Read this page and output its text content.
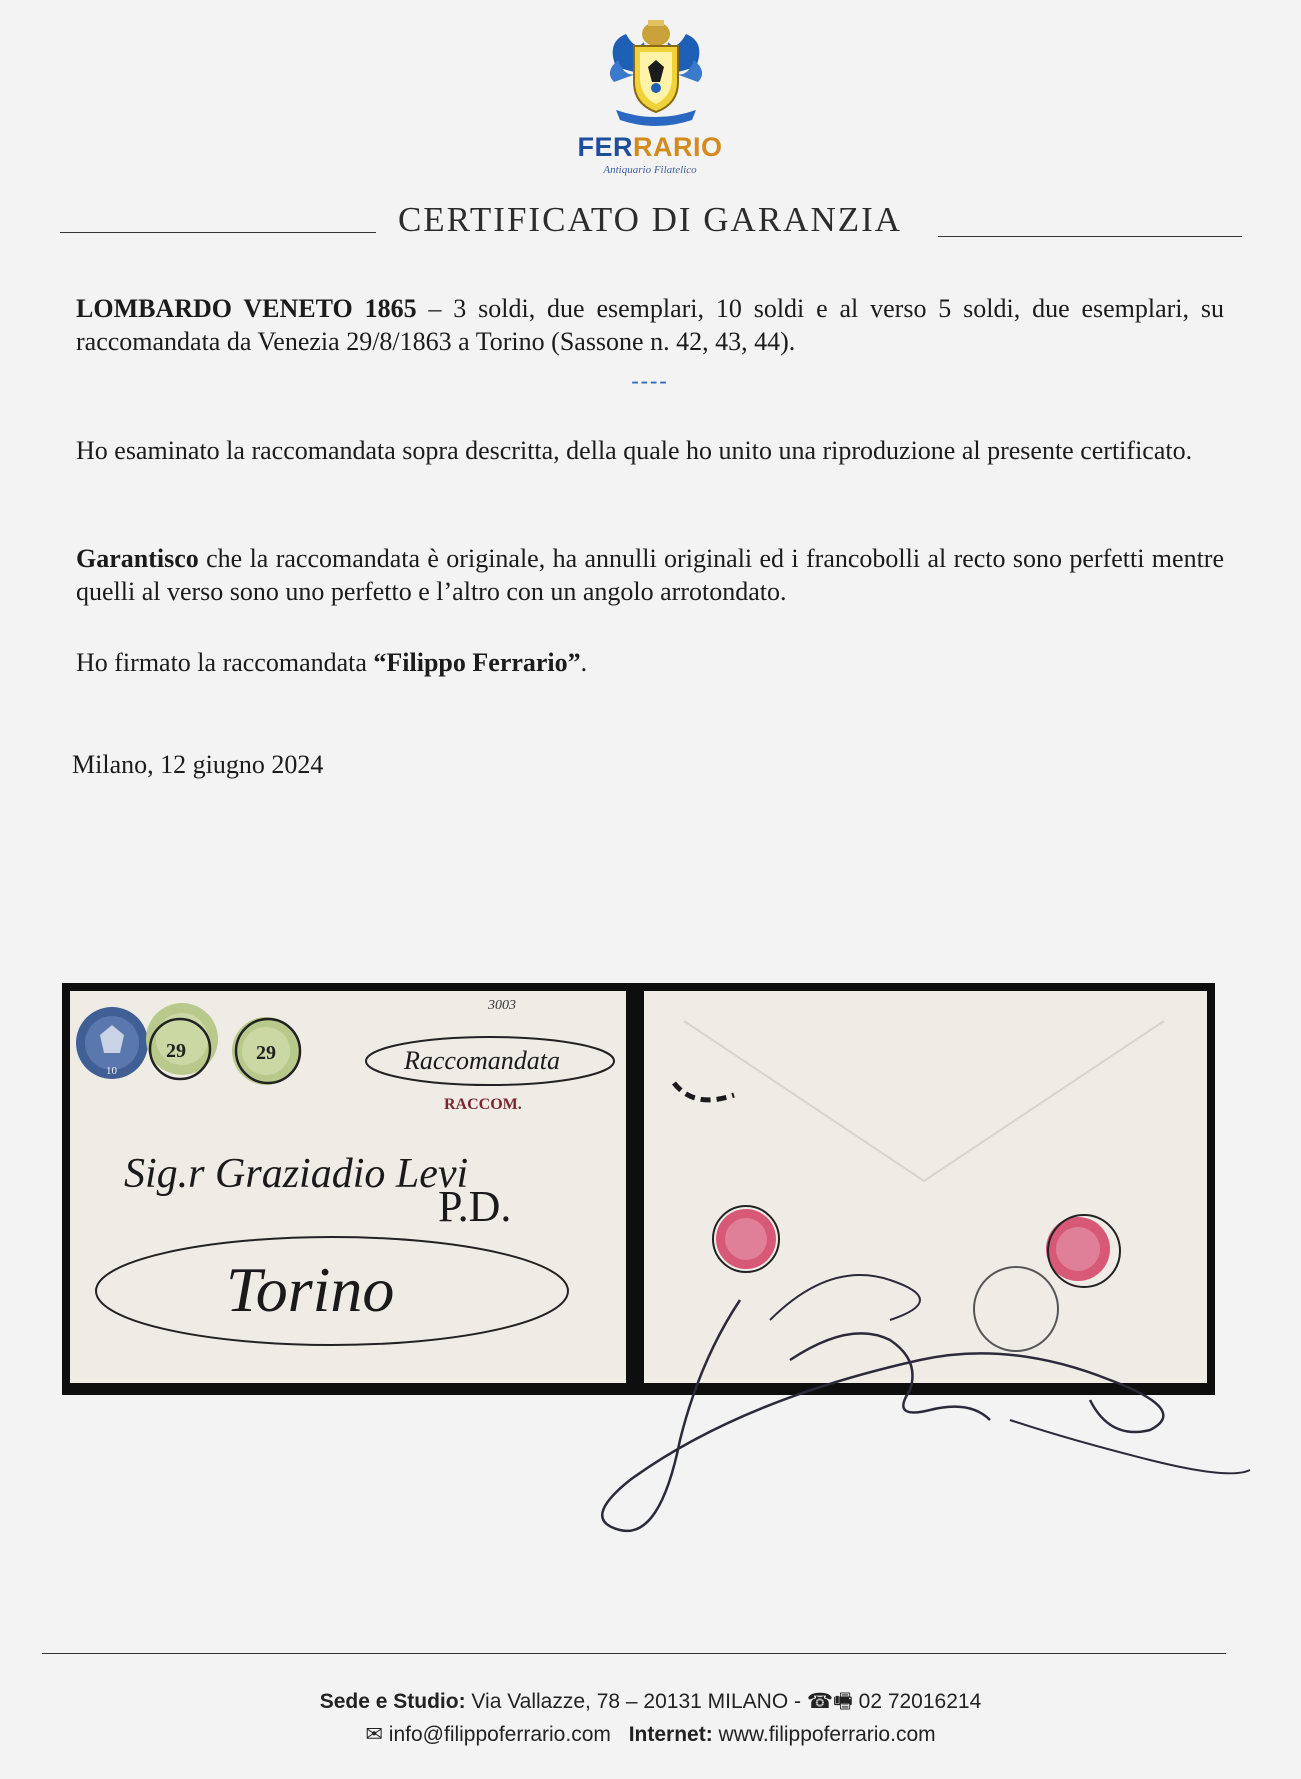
FERRARIO
Antiquario Filatelico
CERTIFICATO DI GARANZIA

LOMBARDO VENETO 1865 – 3 soldi, due esemplari, 10 soldi e al verso 5 soldi, due esemplari, su raccomandata da Venezia 29/8/1863 a Torino (Sassone n. 42, 43, 44).

----

Ho esaminato la raccomandata sopra descritta, della quale ho unito una riproduzione al presente certificato.

Garantisco che la raccomandata è originale, ha annulli originali ed i francobolli al recto sono perfetti mentre quelli al verso sono uno perfetto e l’altro con un angolo arrotondato.

Ho firmato la raccomandata “Filippo Ferrario”.

Milano, 12 giugno 2024

10
29	29
3003
Raccomandata
RACCOM.
Sig.r Graziadio Levi
P.D.
Torino
Sede e Studio: Via Vallazze, 78 – 20131 MILANO - ☎🖷 02 72016214
✉ info@filippoferrario.com Internet: www.filippoferrario.com
